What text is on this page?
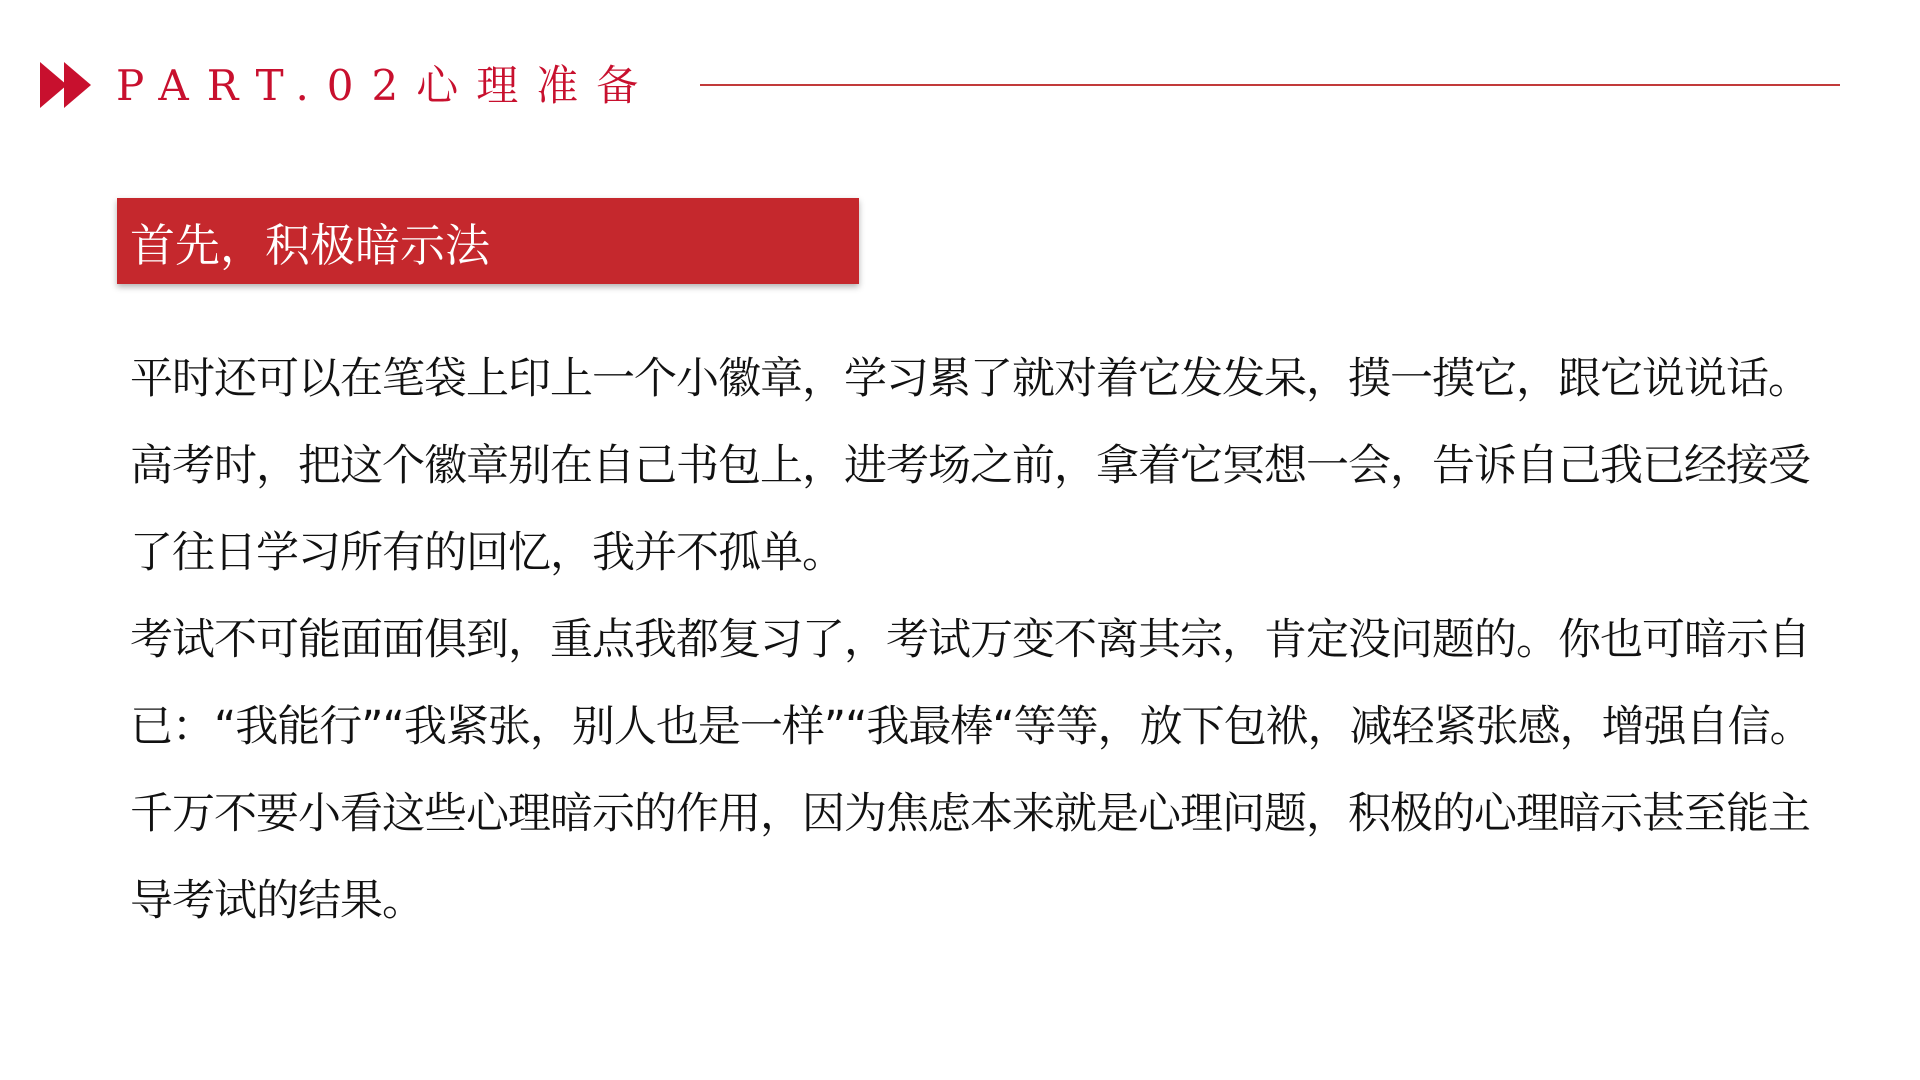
PART.02心理准备
首先，积极暗示法

平时还可以在笔袋上印上一个小徽章，学习累了就对着它发发呆，摸一摸它，跟它说说话。高考时，把这个徽章别在自己书包上，进考场之前，拿着它冥想一会，告诉自己我已经接受了往日学习所有的回忆，我并不孤单。

考试不可能面面俱到，重点我都复习了，考试万变不离其宗，肯定没问题的。你也可暗示自已：“我能行”“我紧张，别人也是一样”“我最棒“等等，放下包袱，减轻紧张感，增强自信。千万不要小看这些心理暗示的作用，因为焦虑本来就是心理问题，积极的心理暗示甚至能主导考试的结果。
